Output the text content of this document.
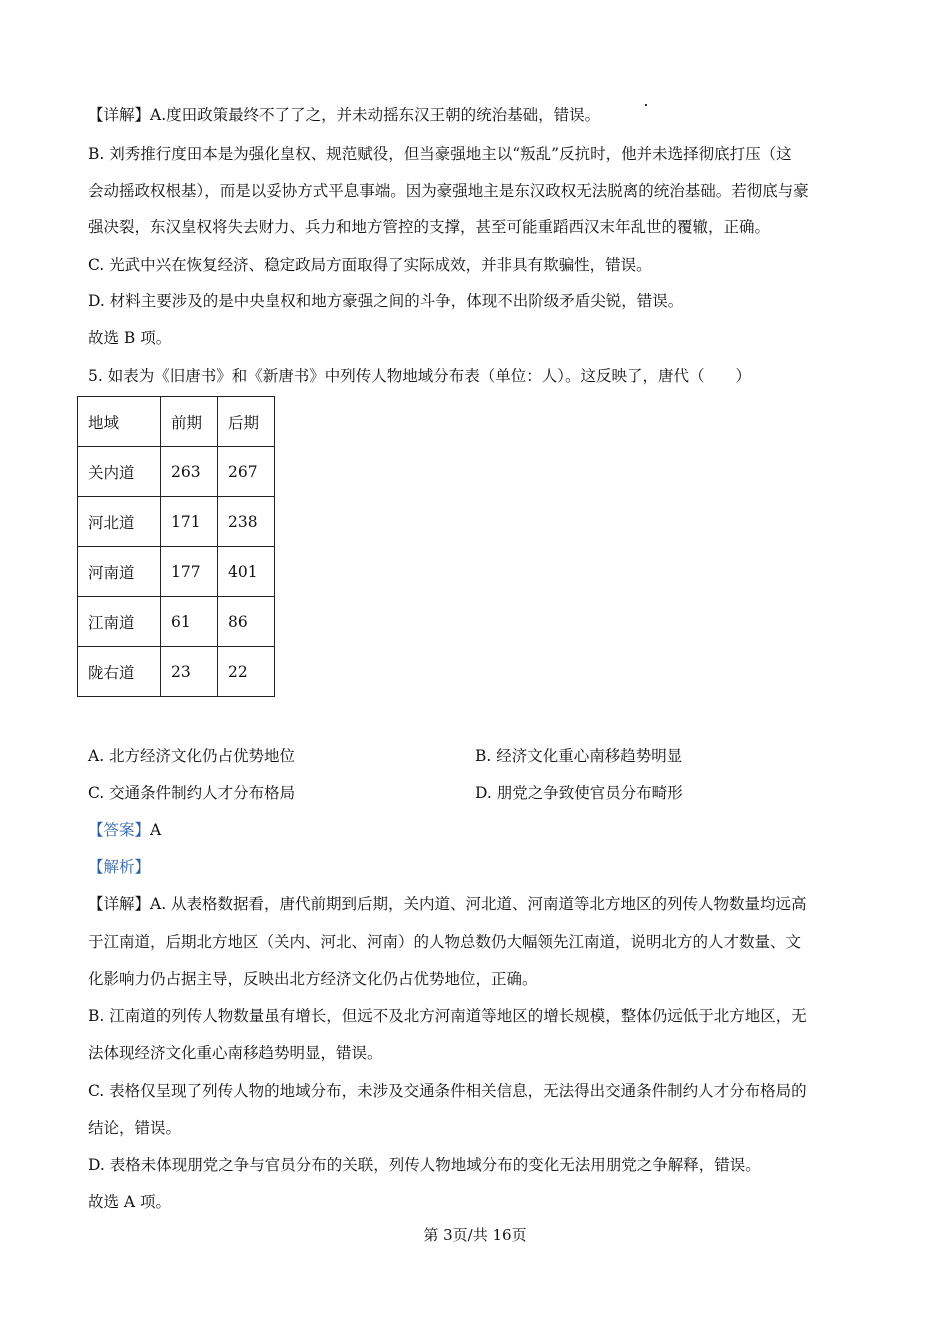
【详解】A.度田政策最终不了了之，并未动摇东汉王朝的统治基础，错误。
B. 刘秀推行度田本是为强化皇权、规范赋役，但当豪强地主以“叛乱”反抗时，他并未选择彻底打压（这
会动摇政权根基），而是以妥协方式平息事端。因为豪强地主是东汉政权无法脱离的统治基础。若彻底与豪
强决裂，东汉皇权将失去财力、兵力和地方管控的支撑，甚至可能重蹈西汉末年乱世的覆辙，正确。
C. 光武中兴在恢复经济、稳定政局方面取得了实际成效，并非具有欺骗性，错误。
D. 材料主要涉及的是中央皇权和地方豪强之间的斗争，体现不出阶级矛盾尖锐，错误。
故选 B 项。
5. 如表为《旧唐书》和《新唐书》中列传人物地域分布表（单位：人）。这反映了，唐代（　　）
地域	前期	后期
关内道	263	267
河北道	171	238
河南道	177	401
江南道	61	86
陇右道	23	22
A. 北方经济文化仍占优势地位	B. 经济文化重心南移趋势明显
C. 交通条件制约人才分布格局	D. 朋党之争致使官员分布畸形
【答案】A
【解析】
【详解】A. 从表格数据看，唐代前期到后期，关内道、河北道、河南道等北方地区的列传人物数量均远高
于江南道，后期北方地区（关内、河北、河南）的人物总数仍大幅领先江南道，说明北方的人才数量、文
化影响力仍占据主导，反映出北方经济文化仍占优势地位，正确。
B. 江南道的列传人物数量虽有增长，但远不及北方河南道等地区的增长规模，整体仍远低于北方地区，无
法体现经济文化重心南移趋势明显，错误。
C. 表格仅呈现了列传人物的地域分布，未涉及交通条件相关信息，无法得出交通条件制约人才分布格局的
结论，错误。
D. 表格未体现朋党之争与官员分布的关联，列传人物地域分布的变化无法用朋党之争解释，错误。
故选 A 项。
第 3页/共 16页
